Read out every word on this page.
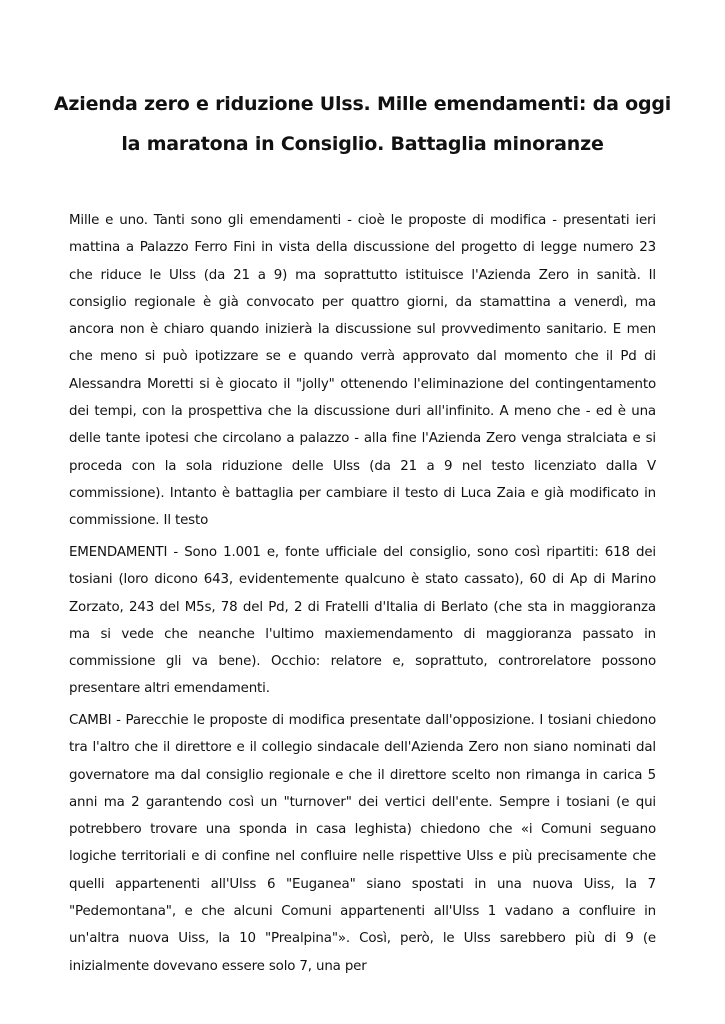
Azienda zero e riduzione Ulss. Mille emendamenti: da oggi la maratona in Consiglio. Battaglia minoranze

Mille e uno. Tanti sono gli emendamenti - cioè le proposte di modifica - presentati ieri mattina a Palazzo Ferro Fini in vista della discussione del progetto di legge numero 23 che riduce le Ulss (da 21 a 9) ma soprattutto istituisce l'Azienda Zero in sanità. Il consiglio regionale è già convocato per quattro giorni, da stamattina a venerdì, ma ancora non è chiaro quando inizierà la discussione sul provvedimento sanitario. E men che meno si può ipotizzare se e quando verrà approvato dal momento che il Pd di Alessandra Moretti si è giocato il "jolly" ottenendo l'eliminazione del contingentamento dei tempi, con la prospettiva che la discussione duri all'infinito. A meno che - ed è una delle tante ipotesi che circolano a palazzo - alla fine l'Azienda Zero venga stralciata e si proceda con la sola riduzione delle Ulss (da 21 a 9 nel testo licenziato dalla V commissione). Intanto è battaglia per cambiare il testo di Luca Zaia e già modificato in commissione. Il testo

EMENDAMENTI - Sono 1.001 e, fonte ufficiale del consiglio, sono così ripartiti: 618 dei tosiani (loro dicono 643, evidentemente qualcuno è stato cassato), 60 di Ap di Marino Zorzato, 243 del M5s, 78 del Pd, 2 di Fratelli d'Italia di Berlato (che sta in maggioranza ma si vede che neanche l'ultimo maxiemendamento di maggioranza passato in commissione gli va bene). Occhio: relatore e, soprattuto, controrelatore possono presentare altri emendamenti.

CAMBI - Parecchie le proposte di modifica presentate dall'opposizione. I tosiani chiedono tra l'altro che il direttore e il collegio sindacale dell'Azienda Zero non siano nominati dal governatore ma dal consiglio regionale e che il direttore scelto non rimanga in carica 5 anni ma 2 garantendo così un "turnover" dei vertici dell'ente. Sempre i tosiani (e qui potrebbero trovare una sponda in casa leghista) chiedono che «i Comuni seguano logiche territoriali e di confine nel confluire nelle rispettive Ulss e più precisamente che quelli appartenenti all'Ulss 6 "Euganea" siano spostati in una nuova Uiss, la 7 "Pedemontana", e che alcuni Comuni appartenenti all'Ulss 1 vadano a confluire in un'altra nuova Uiss, la 10 "Prealpina"». Così, però, le Ulss sarebbero più di 9 (e inizialmente dovevano essere solo 7, una per
